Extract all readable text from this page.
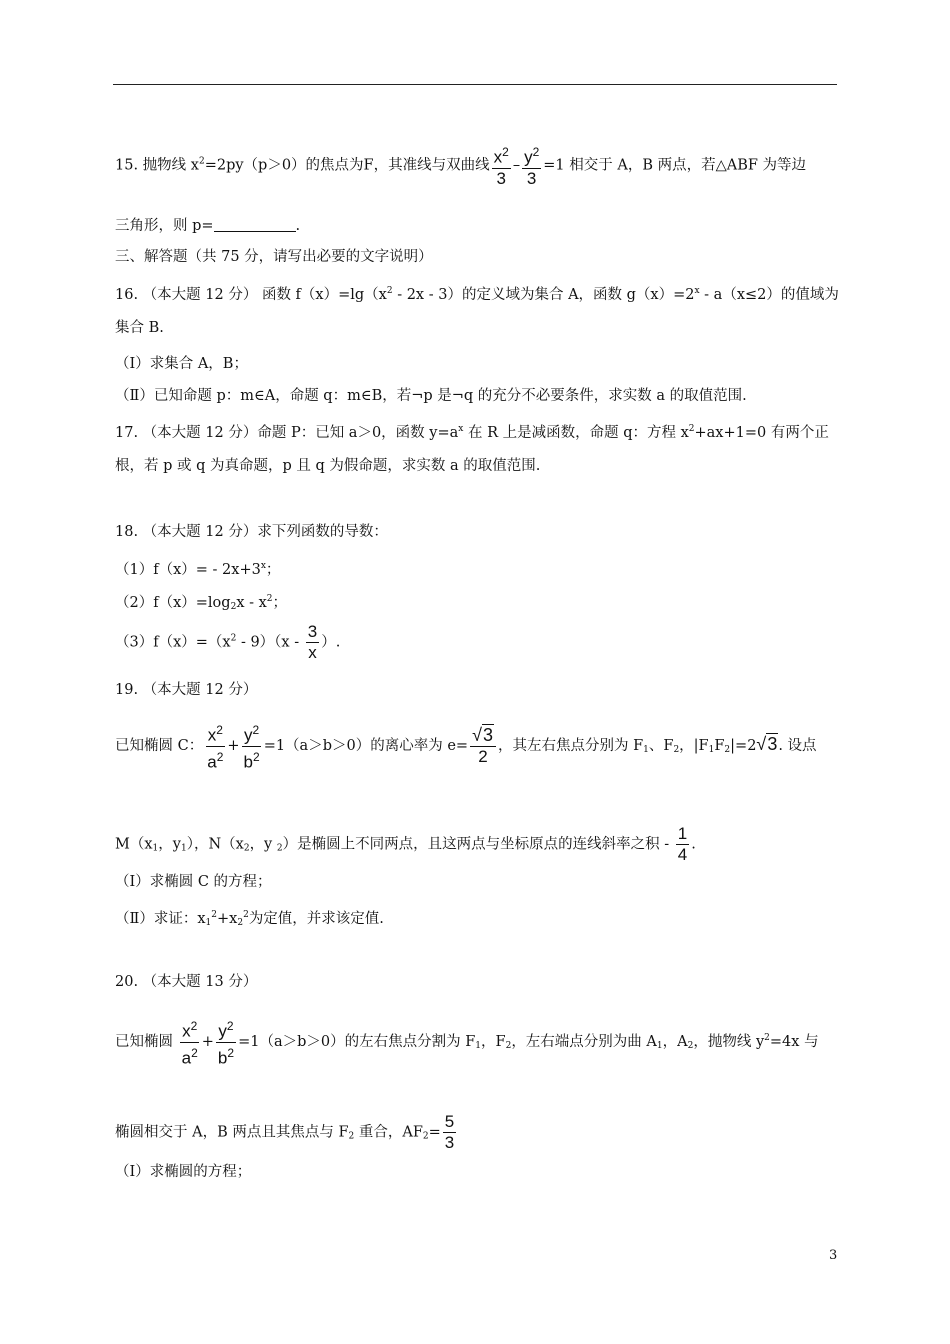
15. 抛物线 $x^2=2py(p>0)$的焦点为F，其准线与双曲线 $\frac{x^2}{3} - \frac{y^2}{3} =1$ 相交于 A，B 两点，若△ABF 为等边
三角形，则 p=	.
三、解答题（共 75 分，请写出必要的文字说明）
16. （本大题 12 分） 函数 $f(x)=\lg(x^2 - 2x - 3)$的定义域为集合 A，函数 $g(x)=2^x - a(x\le 2)$的值域为
集合 B.
（Ⅰ）求集合 A，B；
（Ⅱ）已知命题 p：m∈A，命题 q：m∈B，若¬p 是¬q 的充分不必要条件，求实数 a 的取值范围.
17. （本大题 12 分）命题 P：已知 a＞0，函数 $y=a^x$ 在 R 上是减函数，命题 q：方程 $x^2+ax+1=0$ 有两个正
根，若 p 或 q 为真命题，p 且 q 为假命题，求实数 a 的取值范围.
18. （本大题 12 分）求下列函数的导数：
$(1)f(x)= - 2x+3^x$；
$(2)f(x)=\log_2x - x^2$；
$(3)f(x)=(x^2 - 9)(x - \frac{3}{x}$ ）.
19. （本大题 12 分）
已知椭圆 C： $\frac{x^2}{a^2} + \frac{y^2}{b^2} =1(a>b>0)$的离心率为 $e= \frac{√3}{2}$ ，其左右焦点分别为 $F_1$、$F_2$，$|F_1F_2|=2√3$. 设点
$M(x_1$，$y_1$），$N(x_2$，y $_2$）是椭圆上不同两点，且这两点与坐标原点的连线斜率之积 - $\frac{1}{4}$ .
（Ⅰ）求椭圆 C 的方程；
（Ⅱ）求证：$x_1^2+x_2^2$为定值，并求该定值.
20. （本大题 13 分）
已知椭圆 $\frac{x^2}{a^2} + \frac{y^2}{b^2} =1(a>b>0)$的左右焦点分割为 $F_1$，$F_2$，左右端点分别为曲 $A_1$，$A_2$，抛物线 $y^2=4x$ 与
椭圆相交于 A，B 两点且其焦点与 $F_2$ 重合，$AF_2= \frac{5}{3}$
（Ⅰ）求椭圆的方程；
3
